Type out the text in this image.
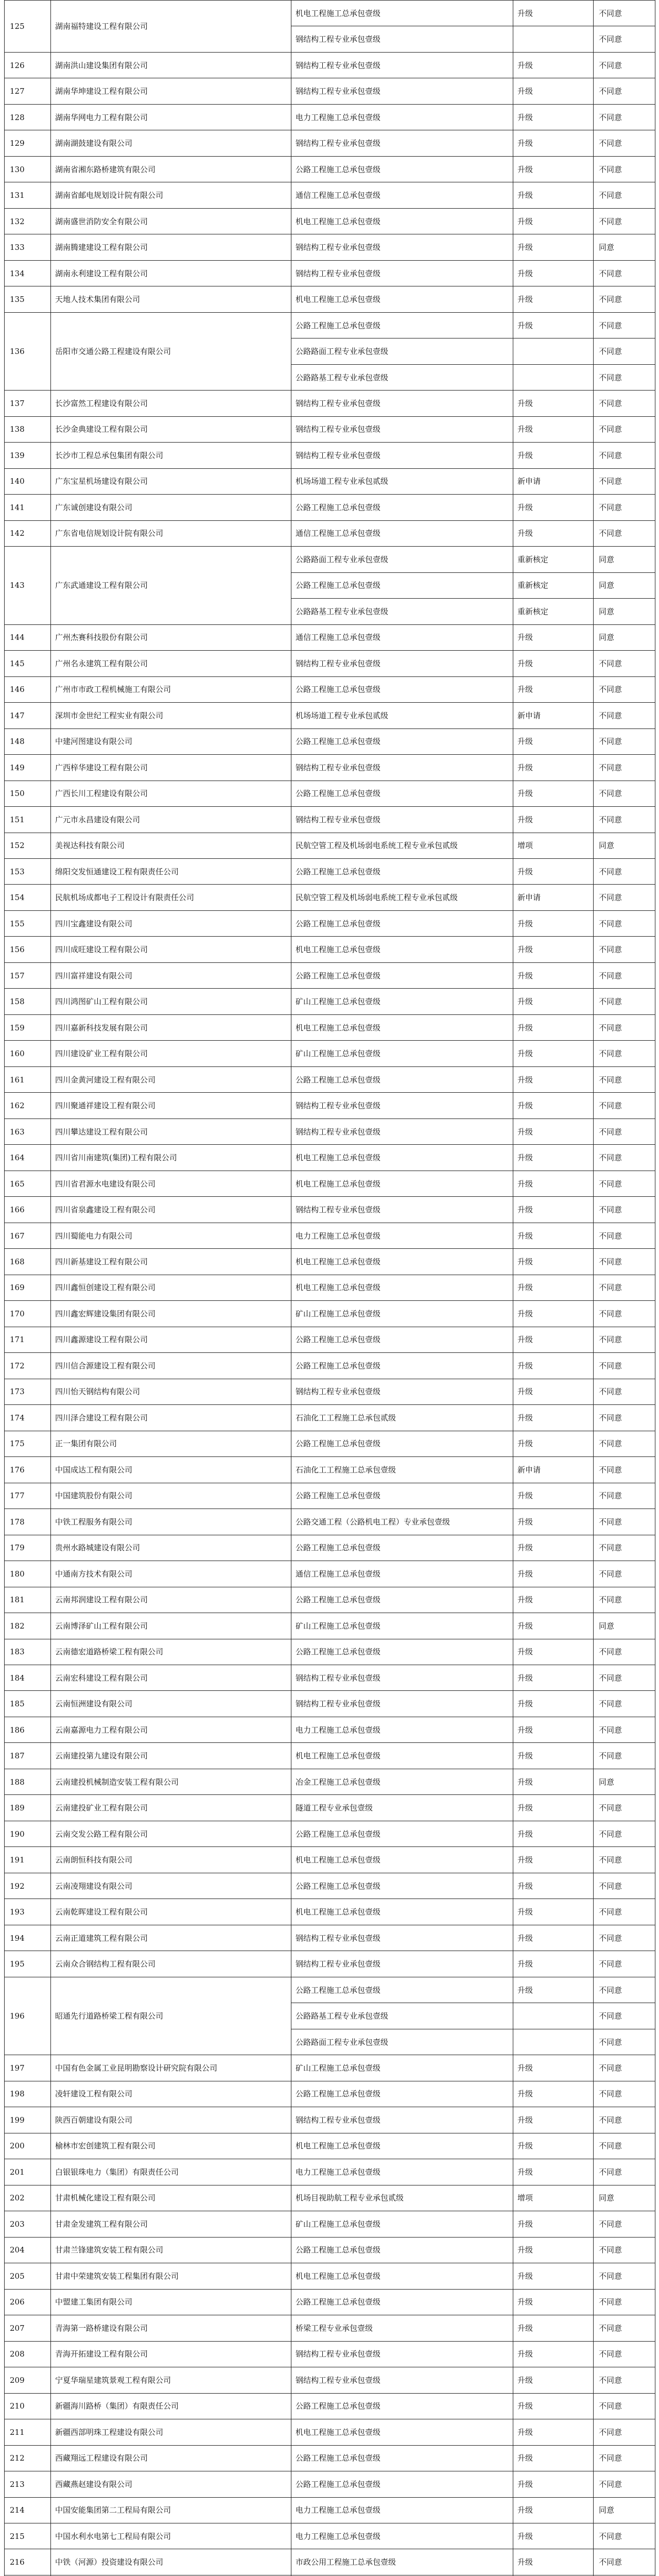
125	湖南福特建设工程有限公司	机电工程施工总承包壹级	升级	不同意
		钢结构工程专业承包壹级		不同意
126	湖南洪山建设集团有限公司	钢结构工程专业承包壹级	升级	不同意
127	湖南华坤建设工程有限公司	钢结构工程专业承包壹级	升级	不同意
128	湖南华网电力工程有限公司	电力工程施工总承包壹级	升级	不同意
129	湖南湖鼓建设有限公司	钢结构工程专业承包壹级	升级	不同意
130	湖南省湘东路桥建筑有限公司	公路工程施工总承包壹级	升级	不同意
131	湖南省邮电规划设计院有限公司	通信工程施工总承包壹级	升级	不同意
132	湖南盛世消防安全有限公司	机电工程施工总承包壹级	升级	不同意
133	湖南腾建建设工程有限公司	钢结构工程专业承包壹级	升级	同意
134	湖南永利建设工程有限公司	钢结构工程专业承包壹级	升级	不同意
135	天地人技术集团有限公司	机电工程施工总承包壹级	升级	不同意
136	岳阳市交通公路工程建设有限公司	公路工程施工总承包壹级	升级	不同意
		公路路面工程专业承包壹级		不同意
		公路路基工程专业承包壹级		不同意
137	长沙富然工程建设有限公司	钢结构工程专业承包壹级	升级	不同意
138	长沙金典建设工程有限公司	钢结构工程专业承包壹级	升级	不同意
139	长沙市工程总承包集团有限公司	钢结构工程专业承包壹级	升级	不同意
140	广东宝星机场建设有限公司	机场场道工程专业承包贰级	新申请	不同意
141	广东诚创建设有限公司	公路工程施工总承包壹级	升级	不同意
142	广东省电信规划设计院有限公司	通信工程施工总承包壹级	升级	不同意
143	广东武通建设工程有限公司	公路路面工程专业承包壹级	重新核定	同意
		公路工程施工总承包壹级	重新核定	同意
		公路路基工程专业承包壹级	重新核定	同意
144	广州杰赛科技股份有限公司	通信工程施工总承包壹级	升级	同意
145	广州名永建筑工程有限公司	钢结构工程专业承包壹级	升级	不同意
146	广州市市政工程机械施工有限公司	公路工程施工总承包壹级	升级	不同意
147	深圳市金世纪工程实业有限公司	机场场道工程专业承包贰级	新申请	不同意
148	中建河图建设有限公司	公路工程施工总承包壹级	升级	不同意
149	广西梓华建设工程有限公司	钢结构工程专业承包壹级	升级	不同意
150	广西长川工程建设有限公司	公路工程施工总承包壹级	升级	不同意
151	广元市永昌建设有限公司	钢结构工程专业承包壹级	升级	不同意
152	美视达科技有限公司	民航空管工程及机场弱电系统工程专业承包贰级	增项	同意
153	绵阳交发恒通建设工程有限责任公司	公路工程施工总承包壹级	升级	不同意
154	民航机场成都电子工程设计有限责任公司	民航空管工程及机场弱电系统工程专业承包贰级	新申请	不同意
155	四川宝鑫建设有限公司	公路工程施工总承包壹级	升级	不同意
156	四川成旺建设工程有限公司	机电工程施工总承包壹级	升级	不同意
157	四川富祥建设有限公司	公路工程施工总承包壹级	升级	不同意
158	四川鸿图矿山工程有限公司	矿山工程施工总承包壹级	升级	不同意
159	四川嘉新科技发展有限公司	机电工程施工总承包壹级	升级	不同意
160	四川建设矿业工程有限公司	矿山工程施工总承包壹级	升级	不同意
161	四川金黄河建设工程有限公司	公路工程施工总承包壹级	升级	不同意
162	四川聚通祥建设工程有限公司	钢结构工程专业承包壹级	升级	不同意
163	四川攀达建设工程有限公司	钢结构工程专业承包壹级	升级	不同意
164	四川省川南建筑(集团)工程有限公司	机电工程施工总承包壹级	升级	不同意
165	四川省君源水电建设有限公司	机电工程施工总承包壹级	升级	不同意
166	四川省泉鑫建设工程有限公司	钢结构工程专业承包壹级	升级	不同意
167	四川蜀能电力有限公司	电力工程施工总承包壹级	升级	不同意
168	四川新基建设工程有限公司	机电工程施工总承包壹级	升级	不同意
169	四川鑫恒创建设工程有限公司	机电工程施工总承包壹级	升级	不同意
170	四川鑫宏辉建设集团有限公司	矿山工程施工总承包壹级	升级	不同意
171	四川鑫源建设工程有限公司	公路工程施工总承包壹级	升级	不同意
172	四川信合源建设工程有限公司	公路工程施工总承包壹级	升级	不同意
173	四川怡天钢结构有限公司	钢结构工程专业承包壹级	升级	不同意
174	四川泽合建设工程有限公司	石油化工工程施工总承包贰级	升级	不同意
175	正一集团有限公司	公路工程施工总承包壹级	升级	不同意
176	中国成达工程有限公司	石油化工工程施工总承包壹级	新申请	不同意
177	中国建筑股份有限公司	公路工程施工总承包壹级	升级	不同意
178	中铁工程服务有限公司	公路交通工程（公路机电工程）专业承包壹级	升级	不同意
179	贵州水路城建设有限公司	公路工程施工总承包壹级	升级	不同意
180	中通南方技术有限公司	通信工程施工总承包壹级	升级	不同意
181	云南邦润建设工程有限公司	公路工程施工总承包壹级	升级	不同意
182	云南博泽矿山工程有限公司	矿山工程施工总承包壹级	升级	同意
183	云南德宏道路桥梁工程有限公司	公路工程施工总承包壹级	升级	不同意
184	云南宏科建设工程有限公司	钢结构工程专业承包壹级	升级	不同意
185	云南恒洲建设有限公司	钢结构工程专业承包壹级	升级	不同意
186	云南嘉源电力工程有限公司	电力工程施工总承包壹级	升级	不同意
187	云南建投第九建设有限公司	机电工程施工总承包壹级	升级	不同意
188	云南建投机械制造安装工程有限公司	冶金工程施工总承包壹级	升级	同意
189	云南建投矿业工程有限公司	隧道工程专业承包壹级	升级	不同意
190	云南交发公路工程有限公司	公路工程施工总承包壹级	升级	不同意
191	云南朗恒科技有限公司	机电工程施工总承包壹级	升级	不同意
192	云南凌翔建设有限公司	公路工程施工总承包壹级	升级	不同意
193	云南乾晖建设工程有限公司	机电工程施工总承包壹级	升级	不同意
194	云南正道建筑工程有限公司	钢结构工程专业承包壹级	升级	不同意
195	云南众合钢结构工程有限公司	钢结构工程专业承包壹级	升级	不同意
196	昭通先行道路桥梁工程有限公司	公路工程施工总承包壹级	升级	不同意
		公路路基工程专业承包壹级		不同意
		公路路面工程专业承包壹级		不同意
197	中国有色金属工业昆明勘察设计研究院有限公司	矿山工程施工总承包壹级	升级	不同意
198	凌轩建设工程有限公司	公路工程施工总承包壹级	升级	不同意
199	陕西百朝建设有限公司	钢结构工程专业承包壹级	升级	不同意
200	榆林市宏创建筑工程有限公司	机电工程施工总承包壹级	升级	不同意
201	白银银珠电力（集团）有限责任公司	电力工程施工总承包壹级	升级	不同意
202	甘肃机械化建设工程有限公司	机场目视助航工程专业承包贰级	增项	同意
203	甘肃金发建筑工程有限公司	矿山工程施工总承包壹级	升级	不同意
204	甘肃兰锋建筑安装工程有限公司	公路工程施工总承包壹级	升级	不同意
205	甘肃中荣建筑安装工程集团有限公司	机电工程施工总承包壹级	升级	不同意
206	中盟建工集团有限公司	公路工程施工总承包壹级	升级	不同意
207	青海第一路桥建设有限公司	桥梁工程专业承包壹级	升级	不同意
208	青海开拓建设工程有限公司	钢结构工程专业承包壹级	升级	不同意
209	宁夏华瑞星建筑景观工程有限公司	钢结构工程专业承包壹级	升级	不同意
210	新疆海川路桥（集团）有限责任公司	公路工程施工总承包壹级	升级	不同意
211	新疆西部明珠工程建设有限公司	机电工程施工总承包壹级	升级	不同意
212	西藏翔远工程建设有限公司	公路工程施工总承包壹级	升级	不同意
213	西藏燕赵建设有限公司	公路工程施工总承包壹级	升级	不同意
214	中国安能集团第二工程局有限公司	电力工程施工总承包壹级	升级	同意
215	中国水利水电第七工程局有限公司	电力工程施工总承包壹级	升级	不同意
216	中铁（河源）投资建设有限公司	市政公用工程施工总承包壹级	升级	不同意
